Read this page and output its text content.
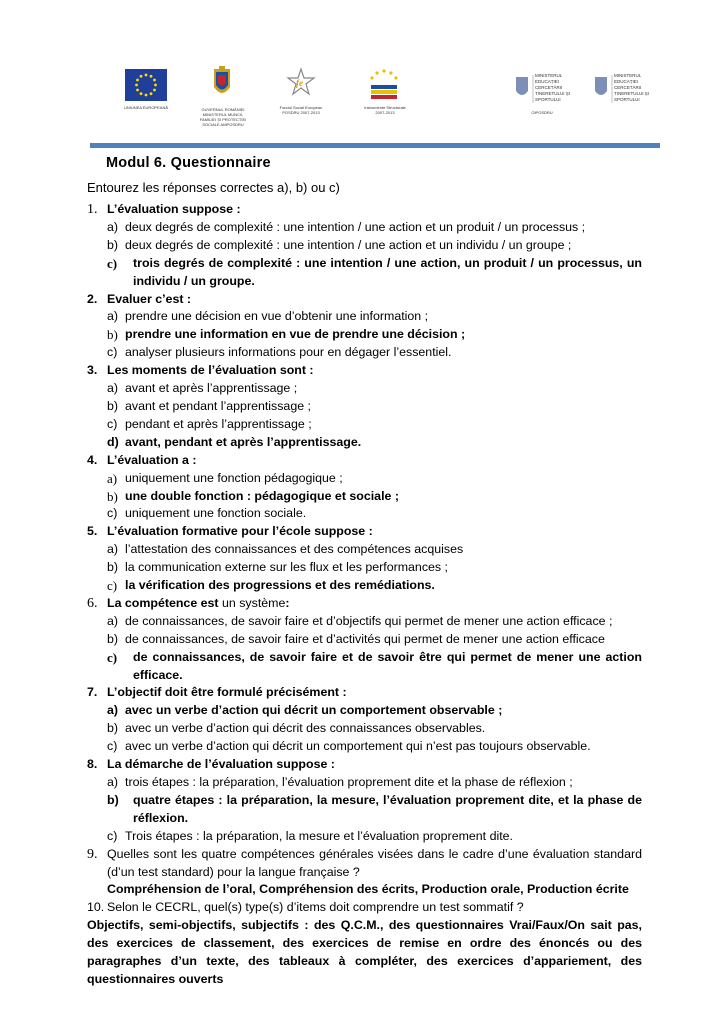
UNIUNEA EUROPEANĂ	GUVERNUL ROMÂNIEI MINISTERUL MUNCII, FAMILIEI ȘI PROTECȚIEI SOCIALE AMPOSDRU
fe
Fondul Social European POSDRU 2007-2013
Instrumente Structurale 2007-2013
MINISTERUL EDUCAȚIEI CERCETĂRII TINERETULUI ȘI SPORTULUI
OIPOSDRU
MINISTERUL EDUCAȚIEI CERCETĂRII TINERETULUI ȘI SPORTULUI
Modul 6. Questionnaire
Entourez les réponses correctes a), b) ou c)
1. L’évaluation suppose :
a) deux degrés de complexité : une intention / une action et un produit / un processus ;
b) deux degrés de complexité : une intention / une action et un individu / un groupe ;
c) trois degrés de complexité : une intention / une action, un produit / un processus, un individu / un groupe.
2. Evaluer c’est :
a) prendre une décision en vue d’obtenir une information ;
b) prendre une information en vue de prendre une décision ;
c) analyser plusieurs informations pour en dégager l’essentiel.
3. Les moments de l’évaluation sont :
a) avant et après l’apprentissage ;
b) avant et pendant l’apprentissage ;
c) pendant et après l’apprentissage ;
d) avant, pendant et après l’apprentissage.
4. L’évaluation a :
a) uniquement une fonction pédagogique ;
b) une double fonction : pédagogique et sociale ;
c) uniquement une fonction sociale.
5. L’évaluation formative pour l’école suppose :
a) l’attestation des connaissances et des compétences acquises
b) la communication externe sur les flux et les performances ;
c) la vérification des progressions et des remédiations.
6. La compétence est un système:
a) de connaissances, de savoir faire et d’objectifs qui permet de mener une action efficace ;
b) de connaissances, de savoir faire et d’activités qui permet de mener une action efficace
c) de connaissances, de savoir faire et de savoir être qui permet de mener une action efficace.
7. L’objectif doit être formulé précisément :
a) avec un verbe d’action qui décrit un comportement observable ;
b) avec un verbe d’action qui décrit des connaissances observables.
c) avec un verbe d’action qui décrit un comportement qui n’est pas toujours observable.
8. La démarche de l’évaluation suppose :
a) trois étapes : la préparation, l’évaluation proprement dite et la phase de réflexion ;
b) quatre étapes : la préparation, la mesure, l’évaluation proprement dite, et la phase de réflexion.
c) Trois étapes : la préparation, la mesure et l’évaluation proprement dite.
9. Quelles sont les quatre compétences générales visées dans le cadre d’une évaluation standard (d’un test standard) pour la langue française ?
Compréhension de l’oral, Compréhension des écrits, Production orale, Production écrite
10. Selon le CECRL, quel(s) type(s) d’items doit comprendre un test sommatif ?
Objectifs, semi-objectifs, subjectifs : des Q.C.M., des questionnaires Vrai/Faux/On sait pas, des exercices de classement, des exercices de remise en ordre des énoncés ou des paragraphes d’un texte, des tableaux à compléter, des exercices d’appariement, des questionnaires ouverts
